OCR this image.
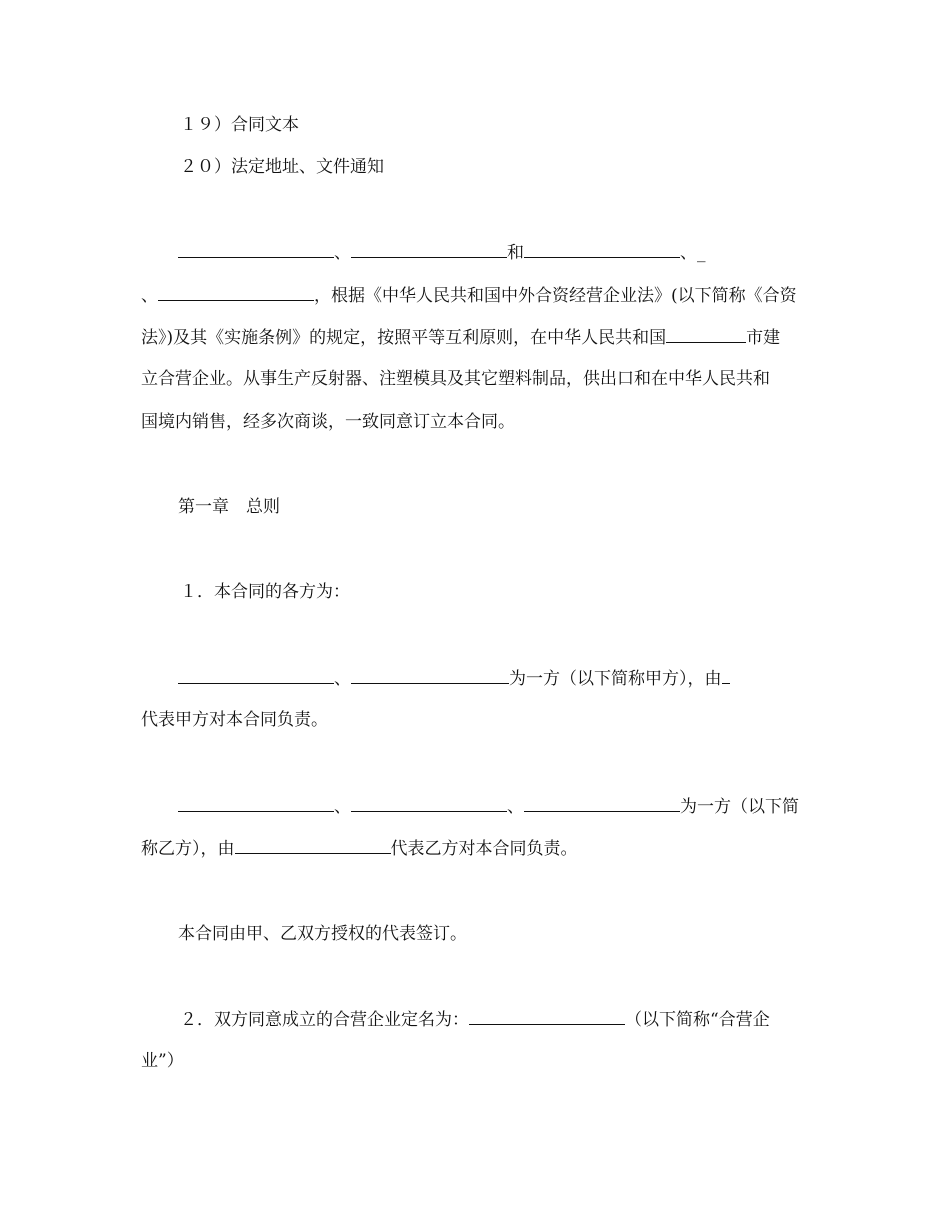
１９）合同文本
２０）法定地址、文件通知
、	和	、_
、	，根据《中华人民共和国中外合资经营企业法》(以下简称《合资
法》)及其《实施条例》的规定，按照平等互利原则，在中华人民共和国	市建
立合营企业。从事生产反射器、注塑模具及其它塑料制品，供出口和在中华人民共和
国境内销售，经多次商谈，一致同意订立本合同。
第一章　总则
１．本合同的各方为：
、	为一方（以下简称甲方），由
代表甲方对本合同负责。
、	、	为一方（以下简
称乙方），由	代表乙方对本合同负责。
本合同由甲、乙双方授权的代表签订。
２．双方同意成立的合营企业定名为：	（以下简称“合营企
业”）
